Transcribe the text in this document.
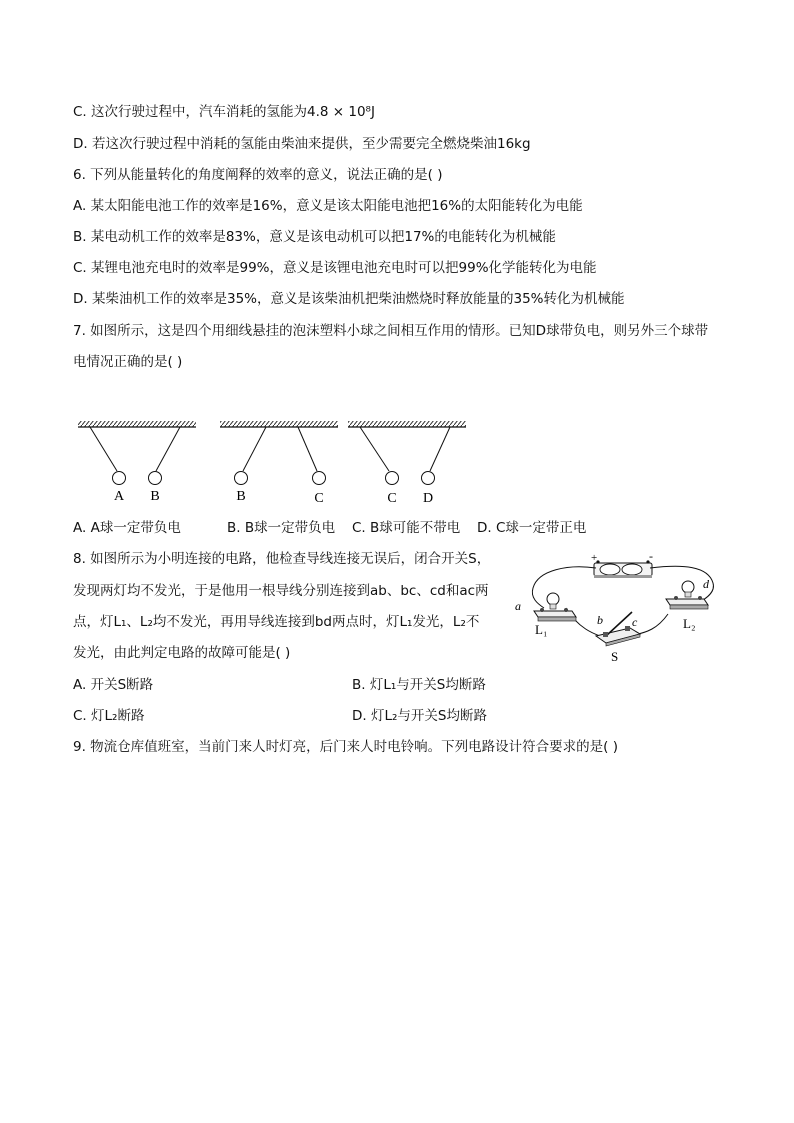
C. 这次行驶过程中，汽车消耗的氢能为4.8 × 10⁸J
D. 若这次行驶过程中消耗的氢能由柴油来提供，至少需要完全燃烧柴油16kg
6. 下列从能量转化的角度阐释的效率的意义，说法正确的是( )
A. 某太阳能电池工作的效率是16%，意义是该太阳能电池把16%的太阳能转化为电能
B. 某电动机工作的效率是83%，意义是该电动机可以把17%的电能转化为机械能
C. 某锂电池充电时的效率是99%，意义是该锂电池充电时可以把99%化学能转化为电能
D. 某柴油机工作的效率是35%，意义是该柴油机把柴油燃烧时释放能量的35%转化为机械能
7. 如图所示，这是四个用细线悬挂的泡沫塑料小球之间相互作用的情形。已知D球带负电，则另外三个球带
电情况正确的是( )
A B	B	C	C D
A. A球一定带负电	B. B球一定带负电 C. B球可能不带电 D. C球一定带正电
8. 如图所示为小明连接的电路，他检查导线连接无误后，闭合开关S，
发现两灯均不发光，于是他用一根导线分别连接到ab、bc、cd和ac两
点，灯L₁、L₂均不发光，再用导线连接到bd两点时，灯L₁发光，L₂不
发光，由此判定电路的故障可能是( )
+	-
a
b c
d
L₁	L₂
S
A. 开关S断路	B. 灯L₁与开关S均断路
C. 灯L₂断路	D. 灯L₂与开关S均断路
9. 物流仓库值班室，当前门来人时灯亮，后门来人时电铃响。下列电路设计符合要求的是( )
